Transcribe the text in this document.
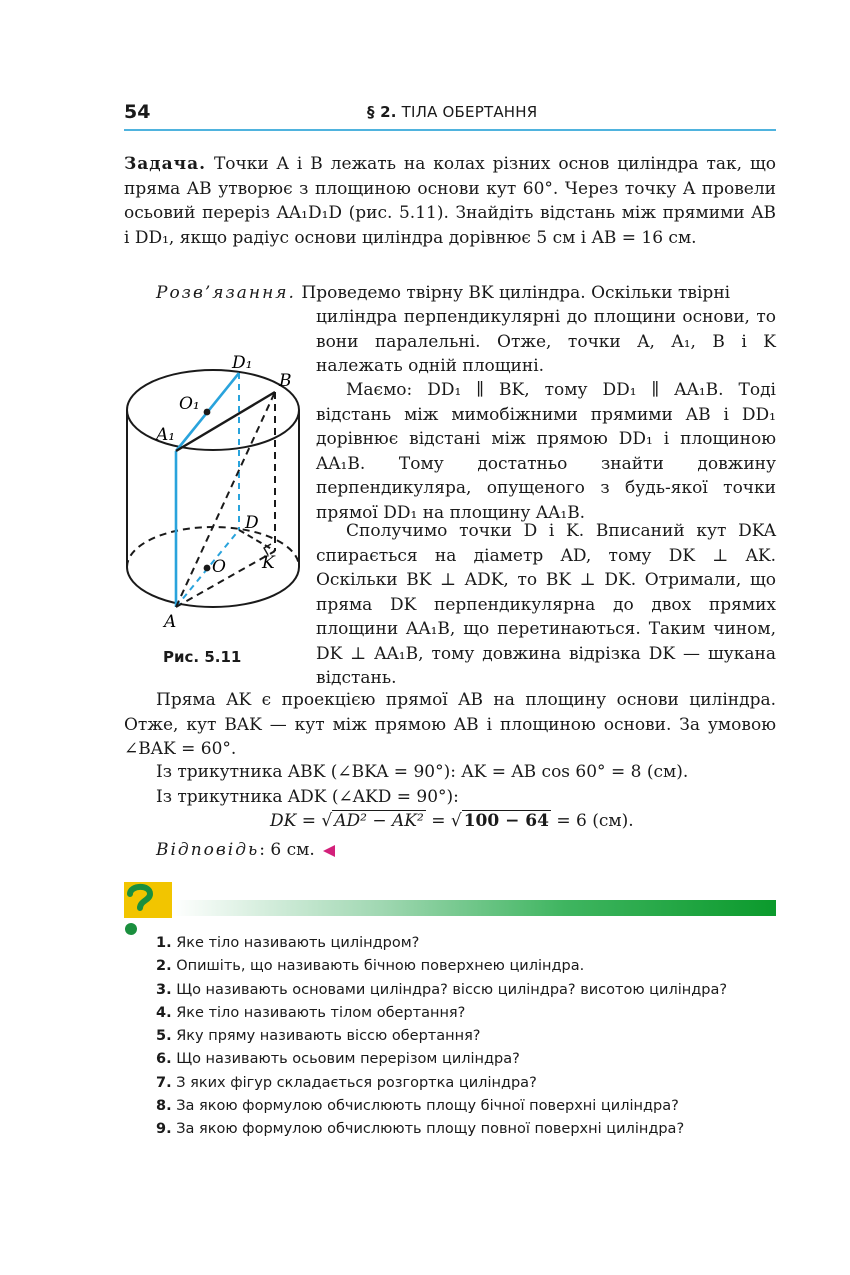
54	§ 2. ТІЛА ОБЕРТАННЯ
Задача. Точки A і B лежать на колах різних основ циліндра так, що пряма AB утворює з площиною основи кут 60°. Через точку A провели осьовий переріз AA₁D₁D (рис. 5.11). Знайдіть відстань між прямими AB і DD₁, якщо радіус основи циліндра дорівнює 5 см і AB = 16 см.
Розв’язання. Проведемо твірну BK циліндра. Оскільки твірні
циліндра перпендикулярні до площини основи, то вони паралельні. Отже, точки A, A₁, B і K належать одній площині.
Маємо: DD₁ ∥ BK, тому DD₁ ∥ AA₁B. Тоді відстань між мимобіжними прямими AB і DD₁ дорівнює відстані між прямою DD₁ і площиною AA₁B. Тому достатньо знайти довжину перпендикуляра, опущеного з будь-якої точки прямої DD₁ на площину AA₁B.
Сполучимо точки D і K. Вписаний кут DKA спирається на діаметр AD, тому DK ⊥ AK. Оскільки BK ⊥ ADK, то BK ⊥ DK. Отримали, що пряма DK перпендикулярна до двох прямих площини AA₁B, що перетинаються. Таким чином, DK ⊥ AA₁B, тому довжина відрізка DK — шукана відстань.
D₁
B
O₁
A₁
D
O K
A
Рис. 5.11
Пряма AK є проекцією прямої AB на площину основи циліндра. Отже, кут BAK — кут між прямою AB і площиною основи. За умовою ∠BAK = 60°.
Із трикутника ABK (∠BKA = 90°): AK = AB cos 60° = 8 (см).
Із трикутника ADK (∠AKD = 90°):
DK = √ AD² − AK² = √ 100 − 64 = 6 (см).
Відповідь: 6 см.
1. Яке тіло називають циліндром?
2. Опишіть, що називають бічною поверхнею циліндра.
3. Що називають основами циліндра? віссю циліндра? висотою циліндра?
4. Яке тіло називають тілом обертання?
5. Яку пряму називають віссю обертання?
6. Що називають осьовим перерізом циліндра?
7. З яких фігур складається розгортка циліндра?
8. За якою формулою обчислюють площу бічної поверхні циліндра?
9. За якою формулою обчислюють площу повної поверхні циліндра?
